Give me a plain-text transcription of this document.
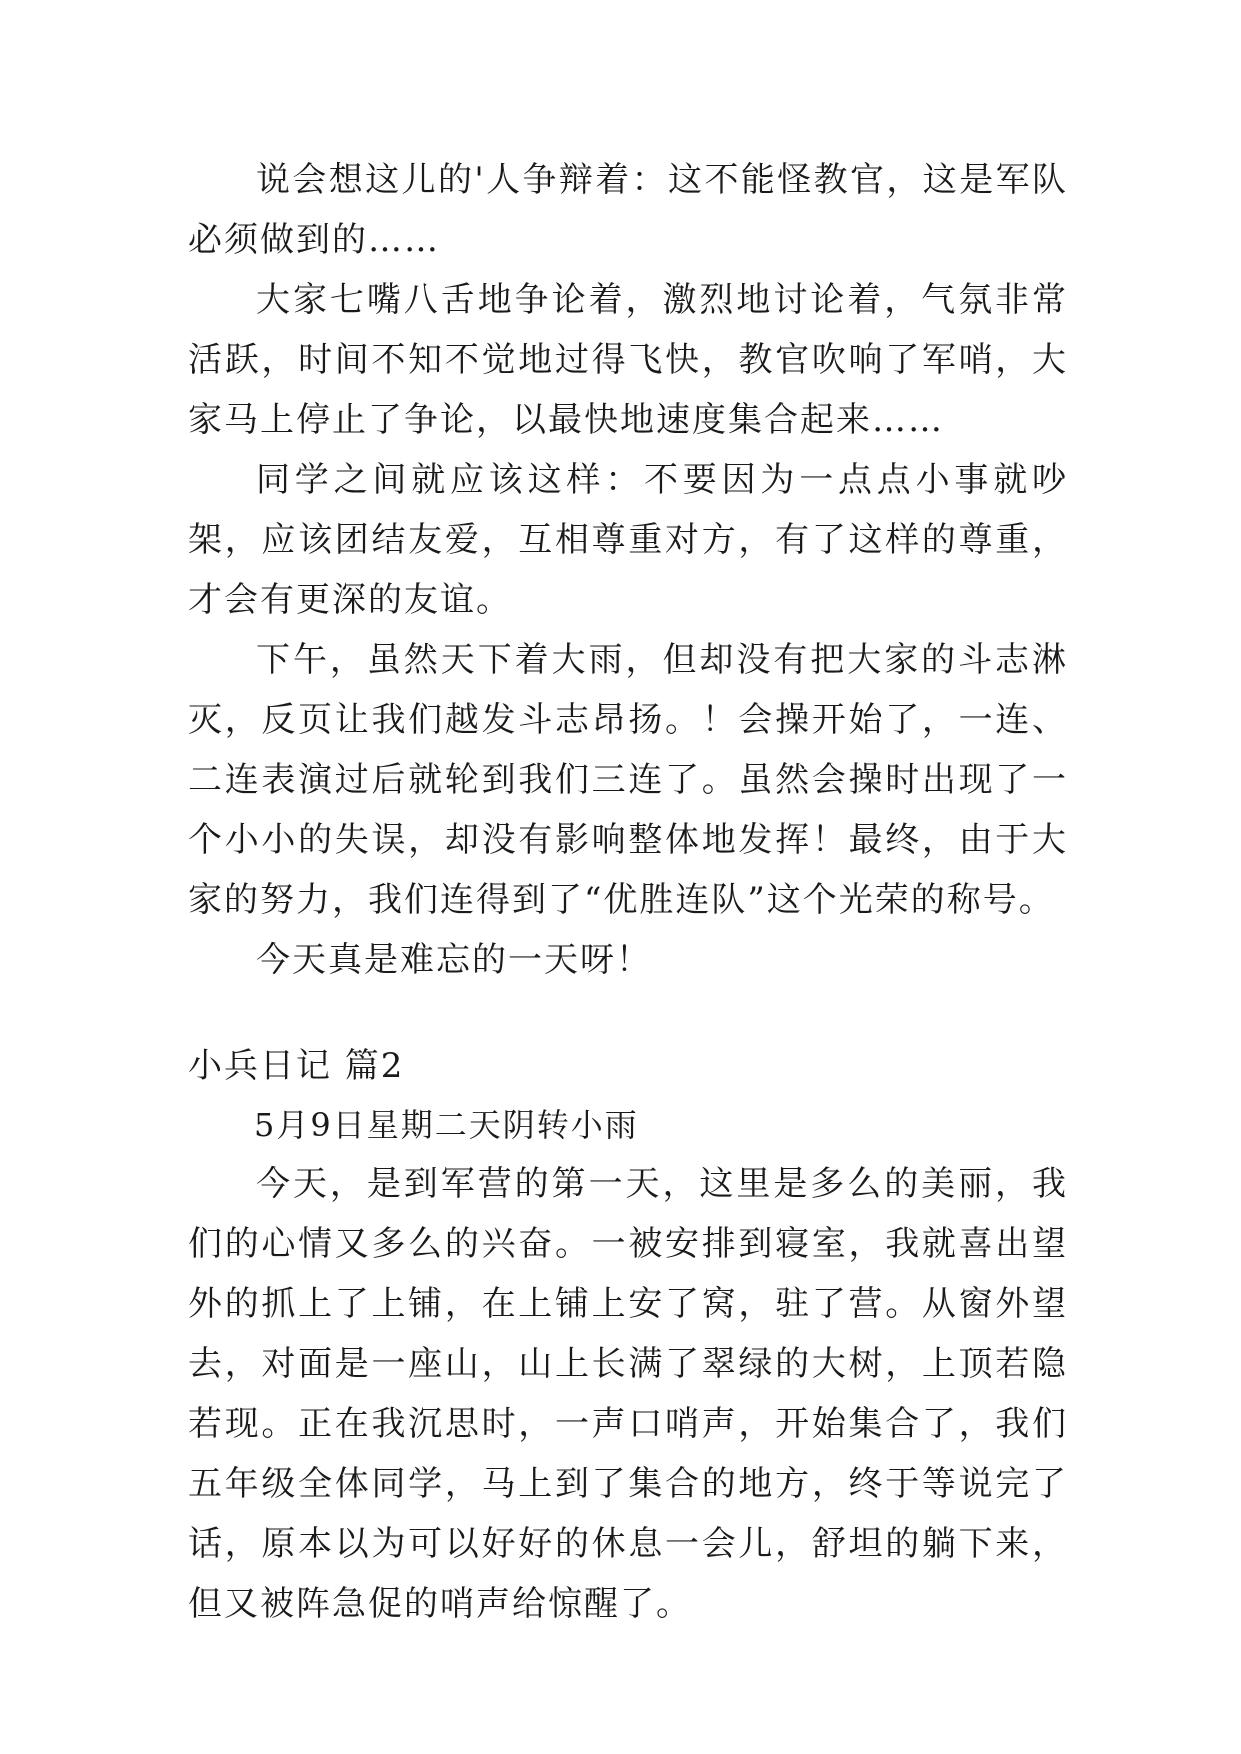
说会想这儿的'人争辩着：这不能怪教官，这是军队必须做到的……

大家七嘴八舌地争论着，激烈地讨论着，气氛非常活跃，时间不知不觉地过得飞快，教官吹响了军哨，大家马上停止了争论，以最快地速度集合起来……

同学之间就应该这样：不要因为一点点小事就吵架，应该团结友爱，互相尊重对方，有了这样的尊重，才会有更深的友谊。

下午，虽然天下着大雨，但却没有把大家的斗志淋灭，反页让我们越发斗志昂扬。！会操开始了，一连、二连表演过后就轮到我们三连了。虽然会操时出现了一个小小的失误，却没有影响整体地发挥！最终，由于大家的努力，我们连得到了“优胜连队”这个光荣的称号。

今天真是难忘的一天呀！

小兵日记 篇2

5月9日星期二天阴转小雨

今天，是到军营的第一天，这里是多么的美丽，我们的心情又多么的兴奋。一被安排到寝室，我就喜出望外的抓上了上铺，在上铺上安了窝，驻了营。从窗外望去，对面是一座山，山上长满了翠绿的大树，上顶若隐若现。正在我沉思时，一声口哨声，开始集合了，我们五年级全体同学，马上到了集合的地方，终于等说完了话，原本以为可以好好的休息一会儿，舒坦的躺下来，但又被阵急促的哨声给惊醒了。
